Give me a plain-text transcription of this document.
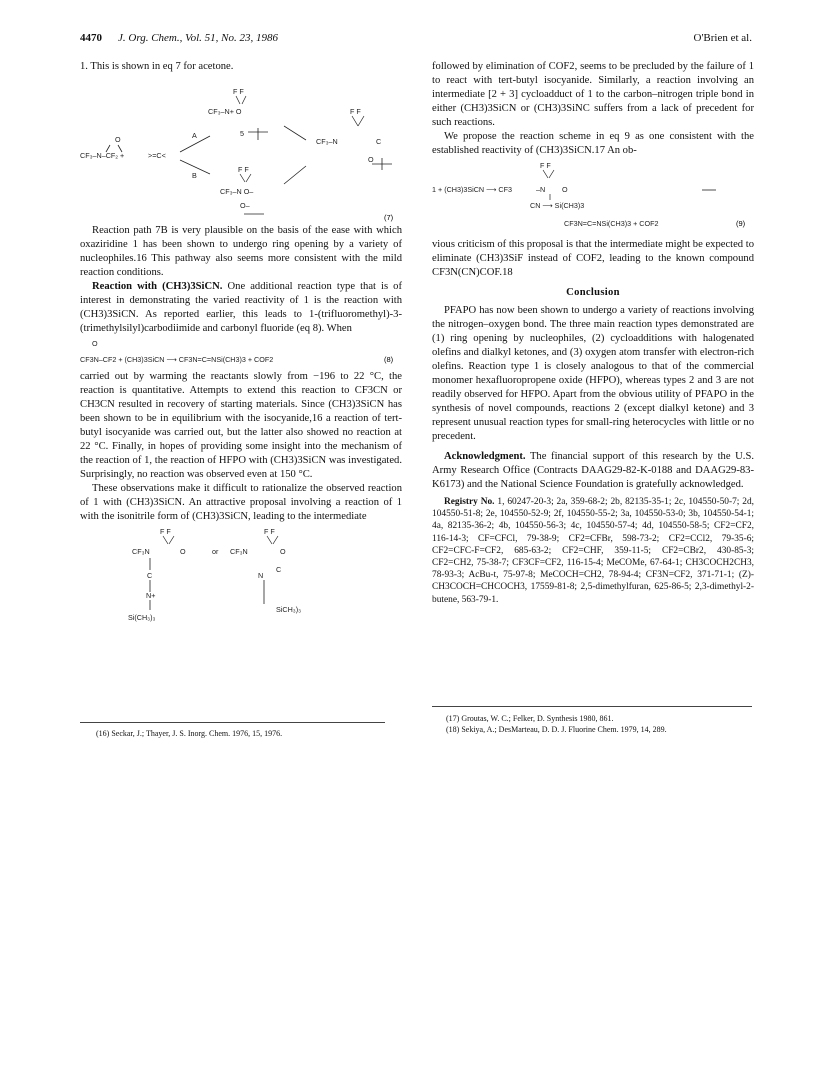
4470 J. Org. Chem., Vol. 51, No. 23, 1986	O'Brien et al.

1. This is shown in eq 7 for acetone.

O
CF₃–N–CF₂ +	>=C<
A
B
F F
CF₃–N+ O
5
F F
CF₃–N O–
O–
F F
CF₃–N	C
O
(7)

Reaction path 7B is very plausible on the basis of the ease with which oxaziridine 1 has been shown to undergo ring opening by a variety of nucleophiles.16 This pathway also seems more consistent with the mild reaction conditions.

Reaction with (CH3)3SiCN. One additional reaction type that is of interest in demonstrating the varied reactivity of 1 is the reaction with (CH3)3SiCN. As reported earlier, this leads to 1-(trifluoromethyl)-3-(trimethylsilyl)carbodiimide and carbonyl fluoride (eq 8). When

O
CF3N–CF2 + (CH3)3SiCN ⟶ CF3N=C=NSi(CH3)3 + COF2	(8)

carried out by warming the reactants slowly from −196 to 22 °C, the reaction is quantitative. Attempts to extend this reaction to CF3CN or CH3CN resulted in recovery of starting materials. Since (CH3)3SiCN has been shown to be in equilibrium with the isocyanide,16 a reaction of tert-butyl isocyanide was carried out, but the latter also showed no reaction at 22 °C. Finally, in hopes of providing some insight into the mechanism of the reaction of 1, the reaction of HFPO with (CH3)3SiCN was investigated. Surprisingly, no reaction was observed even at 150 °C.

These observations make it difficult to rationalize the observed reaction of 1 with (CH3)3SiCN. An attractive proposal involving a reaction of 1 with the isonitrile form of (CH3)3SiCN, leading to the intermediate

F F
CF₃N	O
C
N+
Si(CH₃)₃
or
F F
CF₃N	O
C
N
SiCH₃)₃

followed by elimination of COF2, seems to be precluded by the failure of 1 to react with tert-butyl isocyanide. Similarly, a reaction involving an intermediate [2 + 3] cycloadduct of 1 to the carbon–nitrogen triple bond in either (CH3)3SiCN or (CH3)3SiNC suffers from a lack of precedent for such reactions.

We propose the reaction scheme in eq 9 as one consistent with the established reactivity of (CH3)3SiCN.17 An ob-

F F
1 + (CH3)3SiCN ⟶ CF3	–N O
CN ⟶ Si(CH3)3
CF3N=C=NSi(CH3)3 + COF2	(9)

vious criticism of this proposal is that the intermediate might be expected to eliminate (CH3)3SiF instead of COF2, leading to the known compound CF3N(CN)COF.18

Conclusion

PFAPO has now been shown to undergo a variety of reactions involving the nitrogen–oxygen bond. The three main reaction types demonstrated are (1) ring opening by nucleophiles, (2) cycloadditions with halogenated olefins and dialkyl ketones, and (3) oxygen atom transfer with electron-rich olefins. Reaction type 1 is closely analogous to that of the commercial monomer hexafluoropropene oxide (HFPO), whereas types 2 and 3 are not readily observed for HFPO. Apart from the obvious utility of PFAPO in the synthesis of novel compounds, reactions 2 (except dialkyl ketone) and 3 represent unusual reaction types for small-ring heterocycles with little or no precedent.

Acknowledgment. The financial support of this research by the U.S. Army Research Office (Contracts DAAG29-82-K-0188 and DAAG29-83-K6173) and the National Science Foundation is gratefully acknowledged.

Registry No. 1, 60247-20-3; 2a, 359-68-2; 2b, 82135-35-1; 2c, 104550-50-7; 2d, 104550-51-8; 2e, 104550-52-9; 2f, 104550-55-2; 3a, 104550-53-0; 3b, 104550-54-1; 4a, 82135-36-2; 4b, 104550-56-3; 4c, 104550-57-4; 4d, 104550-58-5; CF2=CF2, 116-14-3; CF=CFCl, 79-38-9; CF2=CFBr, 598-73-2; CF2=CCl2, 79-35-6; CF2=CFC-F=CF2, 685-63-2; CF2=CHF, 359-11-5; CF2=CBr2, 430-85-3; CF2=CH2, 75-38-7; CF3CF=CF2, 116-15-4; MeCOMe, 67-64-1; CH3COCH2CH3, 78-93-3; AcBu-t, 75-97-8; MeCOCH=CH2, 78-94-4; CF3N=CF2, 371-71-1; (Z)-CH3COCH=CHCOCH3, 17559-81-8; 2,5-dimethylfuran, 625-86-5; 2,3-dimethyl-2-butene, 563-79-1.

(16) Seckar, J.; Thayer, J. S. Inorg. Chem. 1976, 15, 1976.
(17) Groutas, W. C.; Felker, D. Synthesis 1980, 861.
(18) Sekiya, A.; DesMarteau, D. D. J. Fluorine Chem. 1979, 14, 289.
